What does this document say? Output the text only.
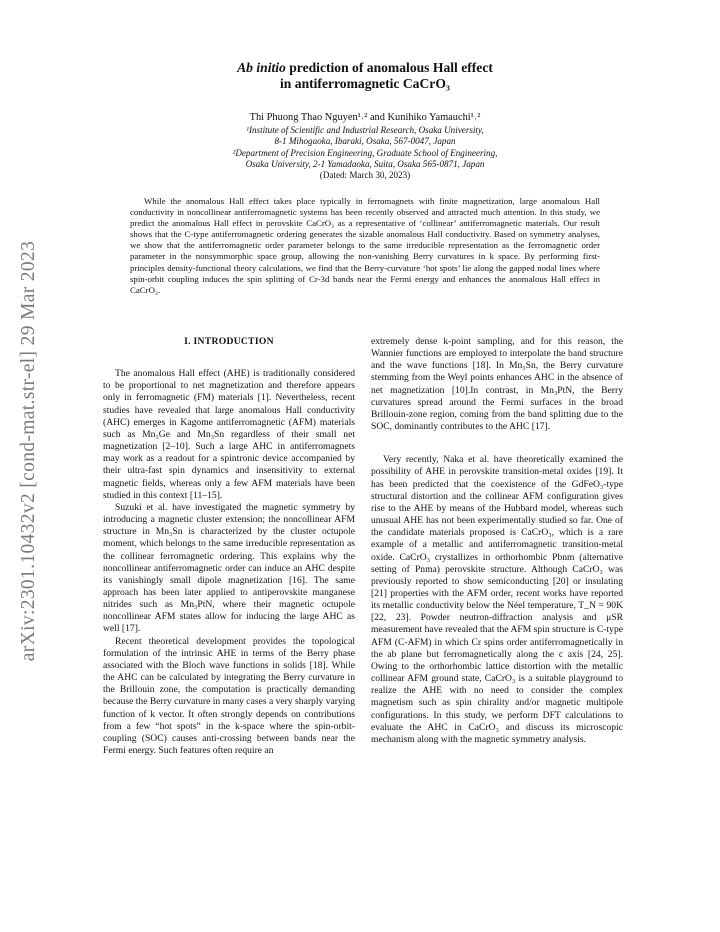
arXiv:2301.10432v2 [cond-mat.str-el] 29 Mar 2023
Ab initio prediction of anomalous Hall effect
in antiferromagnetic CaCrO₃
Thi Phuong Thao Nguyen¹˒² and Kunihiko Yamauchi¹˒²
¹Institute of Scientific and Industrial Research, Osaka University,
8-1 Mihogaoka, Ibaraki, Osaka, 567-0047, Japan
²Department of Precision Engineering, Graduate School of Engineering,
Osaka University, 2-1 Yamadaoka, Suita, Osaka 565-0871, Japan
(Dated: March 30, 2023)

While the anomalous Hall effect takes place typically in ferromagnets with finite magnetization, large anomalous Hall conductivity in noncollinear antiferromagnetic systems has been recently observed and attracted much attention. In this study, we predict the anomalous Hall effect in perovskite CaCrO₃ as a representative of ‘collinear’ antiferromagnetic materials. Our result shows that the C-type antiferromagnetic ordering generates the sizable anomalous Hall conductivity. Based on symmetry analyses, we show that the antiferromagnetic order parameter belongs to the same irreducible representation as the ferromagnetic order parameter in the nonsymmorphic space group, allowing the non-vanishing Berry curvatures in k space. By performing first-principles density-functional theory calculations, we find that the Berry-curvature ‘hot spots’ lie along the gapped nodal lines where spin-orbit coupling induces the spin splitting of Cr-3d bands near the Fermi energy and enhances the anomalous Hall effect in CaCrO₃.

I. INTRODUCTION

The anomalous Hall effect (AHE) is traditionally considered to be proportional to net magnetization and therefore appears only in ferromagnetic (FM) materials [1]. Nevertheless, recent studies have revealed that large anomalous Hall conductivity (AHC) emerges in Kagome antiferromagnetic (AFM) materials such as Mn₃Ge and Mn₃Sn regardless of their small net magnetization [2–10]. Such a large AHC in antiferromagnets may work as a readout for a spintronic device accompanied by their ultra-fast spin dynamics and insensitivity to external magnetic fields, whereas only a few AFM materials have been studied in this context [11–15].

Suzuki et al. have investigated the magnetic symmetry by introducing a magnetic cluster extension; the noncollinear AFM structure in Mn₃Sn is characterized by the cluster octupole moment, which belongs to the same irreducible representation as the collinear ferromagnetic ordering. This explains why the noncollinear antiferromagnetic order can induce an AHC despite its vanishingly small dipole magnetization [16]. The same approach has been later applied to antiperovskite manganese nitrides such as Mn₃PtN, where their magnetic octupole noncollinear AFM states allow for inducing the large AHC as well [17].

Recent theoretical development provides the topological formulation of the intrinsic AHE in terms of the Berry phase associated with the Bloch wave functions in solids [18]. While the AHC can be calculated by integrating the Berry curvature in the Brillouin zone, the computation is practically demanding because the Berry curvature in many cases a very sharply varying function of k vector. It often strongly depends on contributions from a few “hot spots” in the k-space where the spin-orbit-coupling (SOC) causes anti-crossing between bands near the Fermi energy. Such features often require an

extremely dense k-point sampling, and for this reason, the Wannier functions are employed to interpolate the band structure and the wave functions [18]. In Mn₃Sn, the Berry curvature stemming from the Weyl points enhances AHC in the absence of net magnetization [10].In contrast, in Mn₃PtN, the Berry curvatures spread around the Fermi surfaces in the broad Brillouin-zone region, coming from the band splitting due to the SOC, dominantly contributes to the AHC [17].

Very recently, Naka et al. have theoretically examined the possibility of AHE in perovskite transition-metal oxides [19]. It has been predicted that the coexistence of the GdFeO₃-type structural distortion and the collinear AFM configuration gives rise to the AHE by means of the Hubbard model, whereas such unusual AHE has not been experimentally studied so far. One of the candidate materials proposed is CaCrO₃, which is a rare example of a metallic and antiferromagnetic transition-metal oxide. CaCrO₃ crystallizes in orthorhombic Pbnm (alternative setting of Pnma) perovskite structure. Although CaCrO₃ was previously reported to show semiconducting [20] or insulating [21] properties with the AFM order, recent works have reported its metallic conductivity below the Néel temperature, T_N = 90K [22, 23]. Powder neutron-diffraction analysis and μSR measurement have revealed that the AFM spin structure is C-type AFM (C-AFM) in which Cr spins order antiferromagnetically in the ab plane but ferromagnetically along the c axis [24, 25]. Owing to the orthorhombic lattice distortion with the metallic collinear AFM ground state, CaCrO₃ is a suitable playground to realize the AHE with no need to consider the complex magnetism such as spin chirality and/or magnetic multipole configurations. In this study, we perform DFT calculations to evaluate the AHC in CaCrO₃ and discuss its microscopic mechanism along with the magnetic symmetry analysis.
